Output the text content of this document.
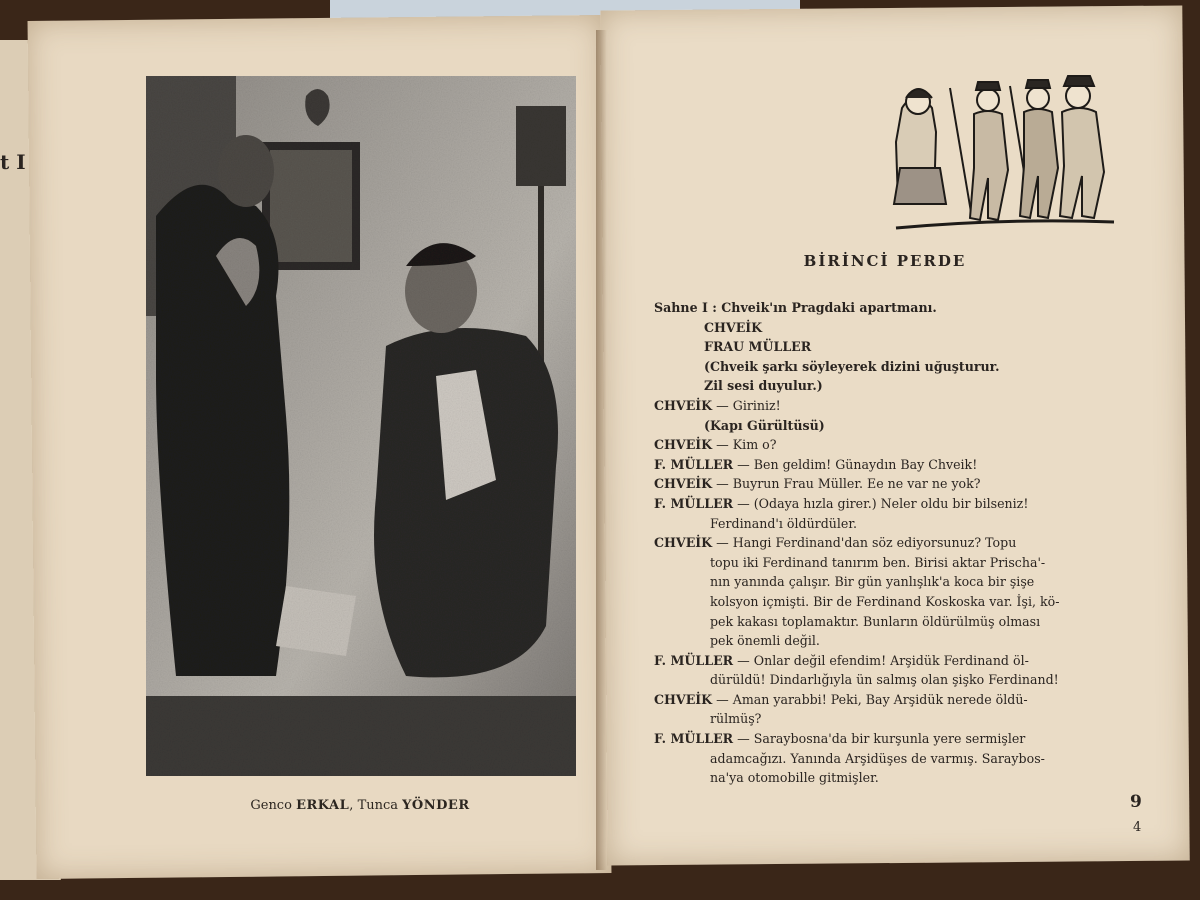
t I
Genco ERKAL, Tunca YÖNDER
BİRİNCİ PERDE
Sahne I : Chveik'ın Pragdaki apartmanı.
CHVEİK
FRAU MÜLLER
(Chveik şarkı söyleyerek dizini uğuşturur.
Zil sesi duyulur.)
CHVEİK — Giriniz!
(Kapı Gürültüsü)
CHVEİK — Kim o?
F. MÜLLER — Ben geldim! Günaydın Bay Chveik!
CHVEİK — Buyrun Frau Müller. Ee ne var ne yok?
F. MÜLLER — (Odaya hızla girer.) Neler oldu bir bilseniz!
Ferdinand'ı öldürdüler.
CHVEİK — Hangi Ferdinand'dan söz ediyorsunuz? Topu
topu iki Ferdinand tanırım ben. Birisi aktar Prischa'-
nın yanında çalışır. Bir gün yanlışlık'a koca bir şişe
kolsyon içmişti. Bir de Ferdinand Koskoska var. İşi, kö-
pek kakası toplamaktır. Bunların öldürülmüş olması
pek önemli değil.
F. MÜLLER — Onlar değil efendim! Arşidük Ferdinand öl-
dürüldü! Dindarlığıyla ün salmış olan şişko Ferdinand!
CHVEİK — Aman yarabbi! Peki, Bay Arşidük nerede öldü-
rülmüş?
F. MÜLLER — Saraybosna'da bir kurşunla yere sermişler
adamcağızı. Yanında Arşidüşes de varmış. Saraybos-
na'ya otomobille gitmişler.
9
4
